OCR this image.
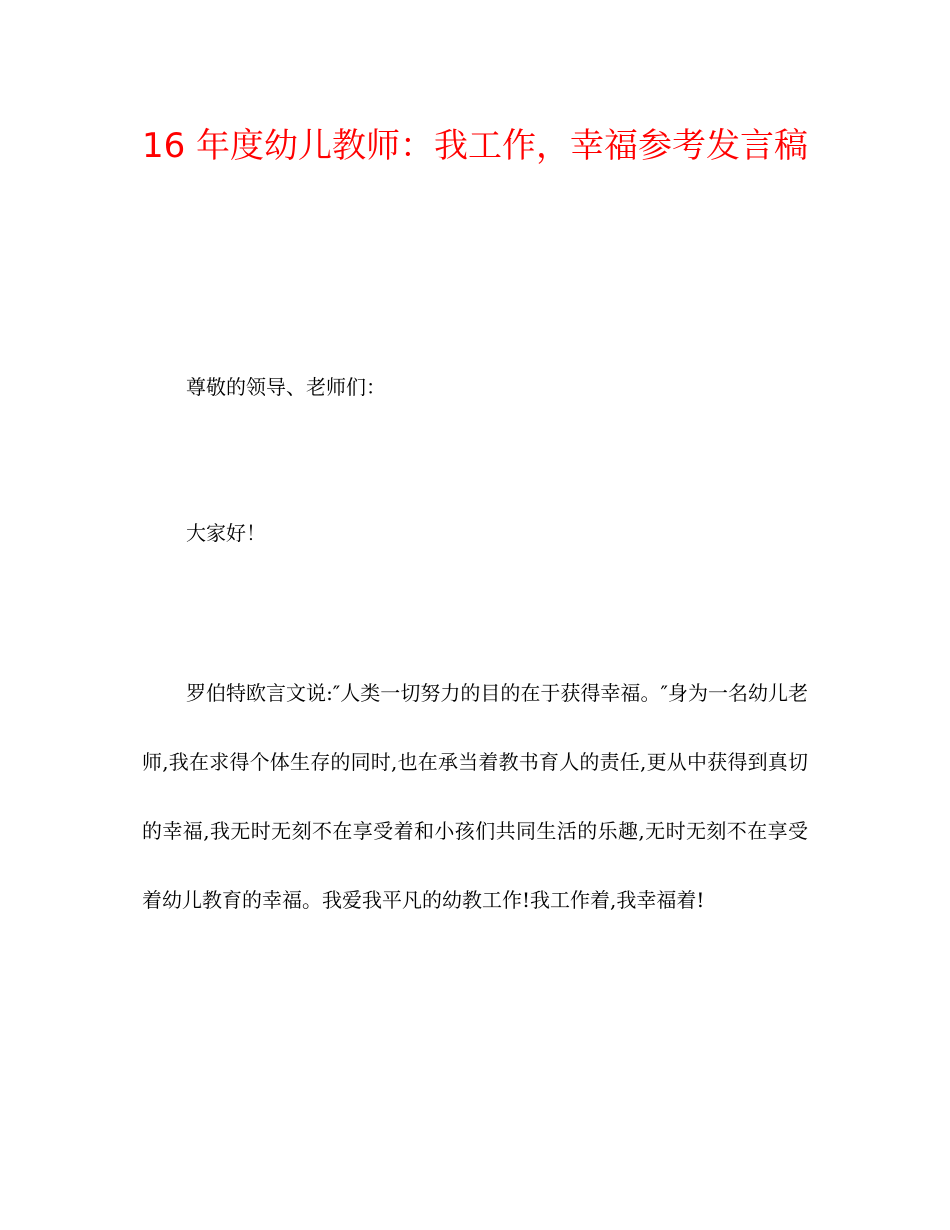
16 年度幼儿教师：我工作，幸福参考发言稿

尊敬的领导、老师们：

大家好！

罗伯特欧言文说:″人类一切努力的目的在于获得幸福。″身为一名幼儿老师,我在求得个体生存的同时,也在承当着教书育人的责任,更从中获得到真切的幸福,我无时无刻不在享受着和小孩们共同生活的乐趣,无时无刻不在享受着幼儿教育的幸福。我爱我平凡的幼教工作!我工作着,我幸福着!
